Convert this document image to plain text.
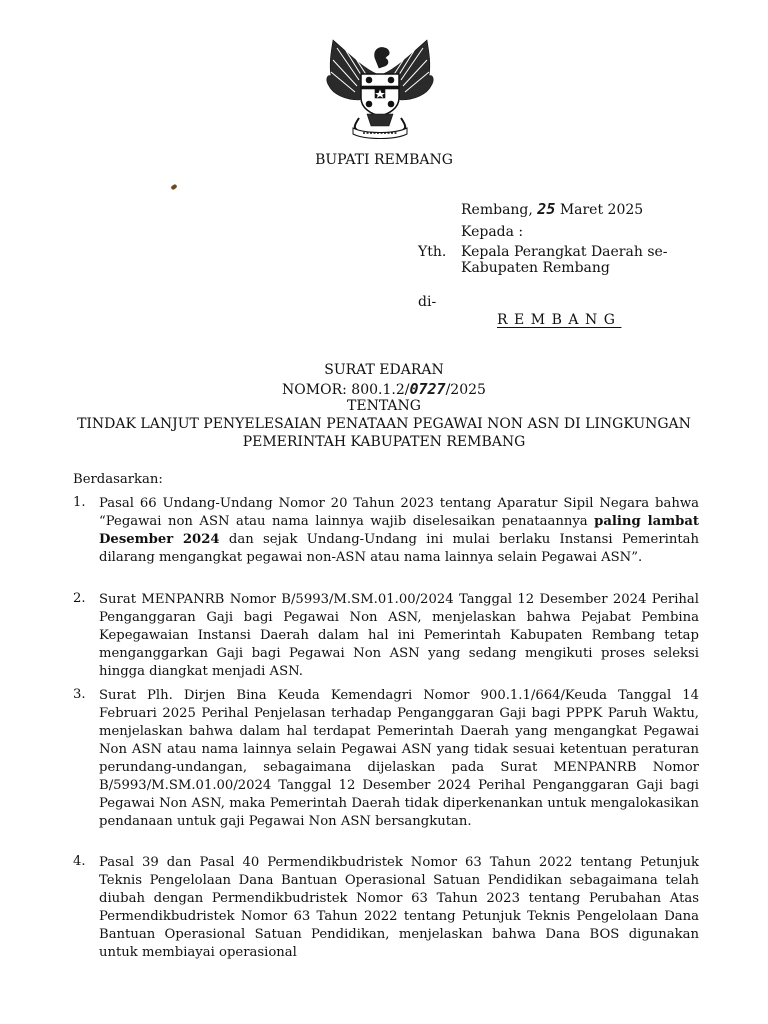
BUPATI REMBANG
Rembang, 25 Maret 2025
Kepada :
Yth. Kepala Perangkat Daerah se-
Kabupaten Rembang
di-
REMBANG
SURAT EDARAN
NOMOR: 800.1.2/0727/2025
TENTANG
TINDAK LANJUT PENYELESAIAN PENATAAN PEGAWAI NON ASN DI LINGKUNGAN
PEMERINTAH KABUPATEN REMBANG
Berdasarkan:
1.	Pasal 66 Undang-Undang Nomor 20 Tahun 2023 tentang Aparatur Sipil Negara bahwa “Pegawai non ASN atau nama lainnya wajib diselesaikan penataannya paling lambat Desember 2024 dan sejak Undang-Undang ini mulai berlaku Instansi Pemerintah dilarang mengangkat pegawai non-ASN atau nama lainnya selain Pegawai ASN”.
2.	Surat MENPANRB Nomor B/5993/M.SM.01.00/2024 Tanggal 12 Desember 2024 Perihal Penganggaran Gaji bagi Pegawai Non ASN, menjelaskan bahwa Pejabat Pembina Kepegawaian Instansi Daerah dalam hal ini Pemerintah Kabupaten Rembang tetap menganggarkan Gaji bagi Pegawai Non ASN yang sedang mengikuti proses seleksi hingga diangkat menjadi ASN.
3.	Surat Plh. Dirjen Bina Keuda Kemendagri Nomor 900.1.1/664/Keuda Tanggal 14 Februari 2025 Perihal Penjelasan terhadap Penganggaran Gaji bagi PPPK Paruh Waktu, menjelaskan bahwa dalam hal terdapat Pemerintah Daerah yang mengangkat Pegawai Non ASN atau nama lainnya selain Pegawai ASN yang tidak sesuai ketentuan peraturan perundang-undangan, sebagaimana dijelaskan pada Surat MENPANRB Nomor B/5993/M.SM.01.00/2024 Tanggal 12 Desember 2024 Perihal Penganggaran Gaji bagi Pegawai Non ASN, maka Pemerintah Daerah tidak diperkenankan untuk mengalokasikan pendanaan untuk gaji Pegawai Non ASN bersangkutan.
4.	Pasal 39 dan Pasal 40 Permendikbudristek Nomor 63 Tahun 2022 tentang Petunjuk Teknis Pengelolaan Dana Bantuan Operasional Satuan Pendidikan sebagaimana telah diubah dengan Permendikbudristek Nomor 63 Tahun 2023 tentang Perubahan Atas Permendikbudristek Nomor 63 Tahun 2022 tentang Petunjuk Teknis Pengelolaan Dana Bantuan Operasional Satuan Pendidikan, menjelaskan bahwa Dana BOS digunakan untuk membiayai operasional
